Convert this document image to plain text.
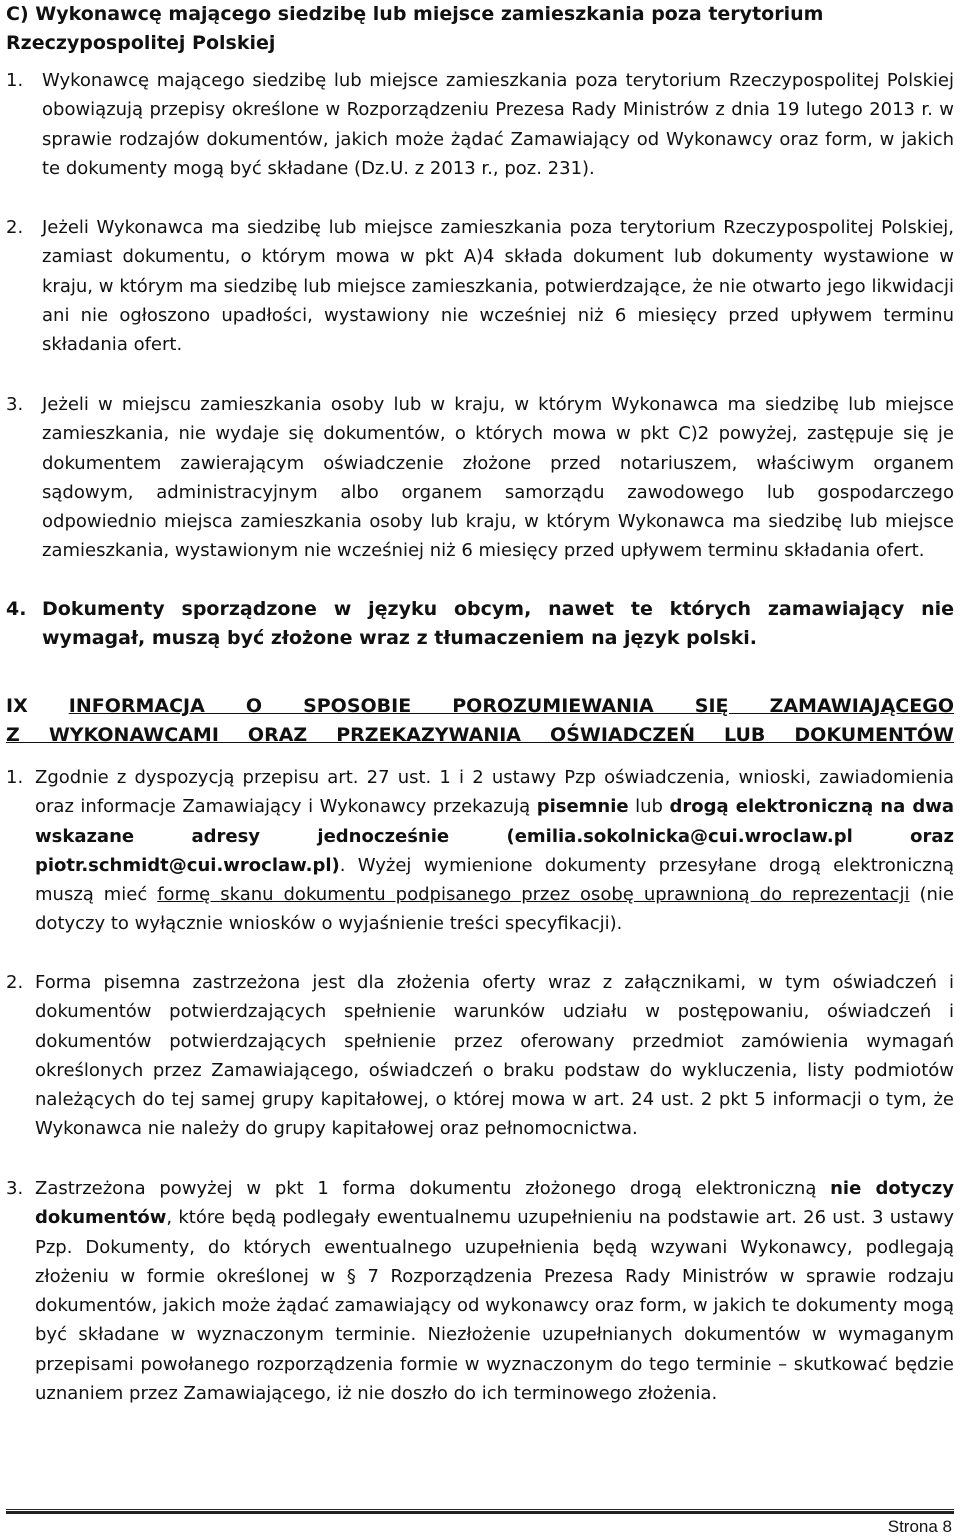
C) Wykonawcę mającego siedzibę lub miejsce zamieszkania poza terytorium Rzeczypospolitej Polskiej
1. Wykonawcę mającego siedzibę lub miejsce zamieszkania poza terytorium Rzeczypospolitej Polskiej obowiązują przepisy określone w Rozporządzeniu Prezesa Rady Ministrów z dnia 19 lutego 2013 r. w sprawie rodzajów dokumentów, jakich może żądać Zamawiający od Wykonawcy oraz form, w jakich te dokumenty mogą być składane (Dz.U. z 2013 r., poz. 231).
2. Jeżeli Wykonawca ma siedzibę lub miejsce zamieszkania poza terytorium Rzeczypospolitej Polskiej, zamiast dokumentu, o którym mowa w pkt A)4 składa dokument lub dokumenty wystawione w kraju, w którym ma siedzibę lub miejsce zamieszkania, potwierdzające, że nie otwarto jego likwidacji ani nie ogłoszono upadłości, wystawiony nie wcześniej niż 6 miesięcy przed upływem terminu składania ofert.
3. Jeżeli w miejscu zamieszkania osoby lub w kraju, w którym Wykonawca ma siedzibę lub miejsce zamieszkania, nie wydaje się dokumentów, o których mowa w pkt C)2 powyżej, zastępuje się je dokumentem zawierającym oświadczenie złożone przed notariuszem, właściwym organem sądowym, administracyjnym albo organem samorządu zawodowego lub gospodarczego odpowiednio miejsca zamieszkania osoby lub kraju, w którym Wykonawca ma siedzibę lub miejsce zamieszkania, wystawionym nie wcześniej niż 6 miesięcy przed upływem terminu składania ofert.
4. Dokumenty sporządzone w języku obcym, nawet te których zamawiający nie wymagał, muszą być złożone wraz z tłumaczeniem na język polski.
IX INFORMACJA O SPOSOBIE POROZUMIEWANIA SIĘ ZAMAWIAJĄCEGO
Z WYKONAWCAMI ORAZ PRZEKAZYWANIA OŚWIADCZEŃ LUB DOKUMENTÓW
1. Zgodnie z dyspozycją przepisu art. 27 ust. 1 i 2 ustawy Pzp oświadczenia, wnioski, zawiadomienia oraz informacje Zamawiający i Wykonawcy przekazują pisemnie lub drogą elektroniczną na dwa wskazane adresy jednocześnie (emilia.sokolnicka@cui.wroclaw.pl oraz piotr.schmidt@cui.wroclaw.pl). Wyżej wymienione dokumenty przesyłane drogą elektroniczną muszą mieć formę skanu dokumentu podpisanego przez osobę uprawnioną do reprezentacji (nie dotyczy to wyłącznie wniosków o wyjaśnienie treści specyfikacji).
2. Forma pisemna zastrzeżona jest dla złożenia oferty wraz z załącznikami, w tym oświadczeń i dokumentów potwierdzających spełnienie warunków udziału w postępowaniu, oświadczeń i dokumentów potwierdzających spełnienie przez oferowany przedmiot zamówienia wymagań określonych przez Zamawiającego, oświadczeń o braku podstaw do wykluczenia, listy podmiotów należących do tej samej grupy kapitałowej, o której mowa w art. 24 ust. 2 pkt 5 informacji o tym, że Wykonawca nie należy do grupy kapitałowej oraz pełnomocnictwa.
3. Zastrzeżona powyżej w pkt 1 forma dokumentu złożonego drogą elektroniczną nie dotyczy dokumentów, które będą podlegały ewentualnemu uzupełnieniu na podstawie art. 26 ust. 3 ustawy Pzp. Dokumenty, do których ewentualnego uzupełnienia będą wzywani Wykonawcy, podlegają złożeniu w formie określonej w § 7 Rozporządzenia Prezesa Rady Ministrów w sprawie rodzaju dokumentów, jakich może żądać zamawiający od wykonawcy oraz form, w jakich te dokumenty mogą być składane w wyznaczonym terminie. Niezłożenie uzupełnianych dokumentów w wymaganym przepisami powołanego rozporządzenia formie w wyznaczonym do tego terminie – skutkować będzie uznaniem przez Zamawiającego, iż nie doszło do ich terminowego złożenia.
Strona 8
